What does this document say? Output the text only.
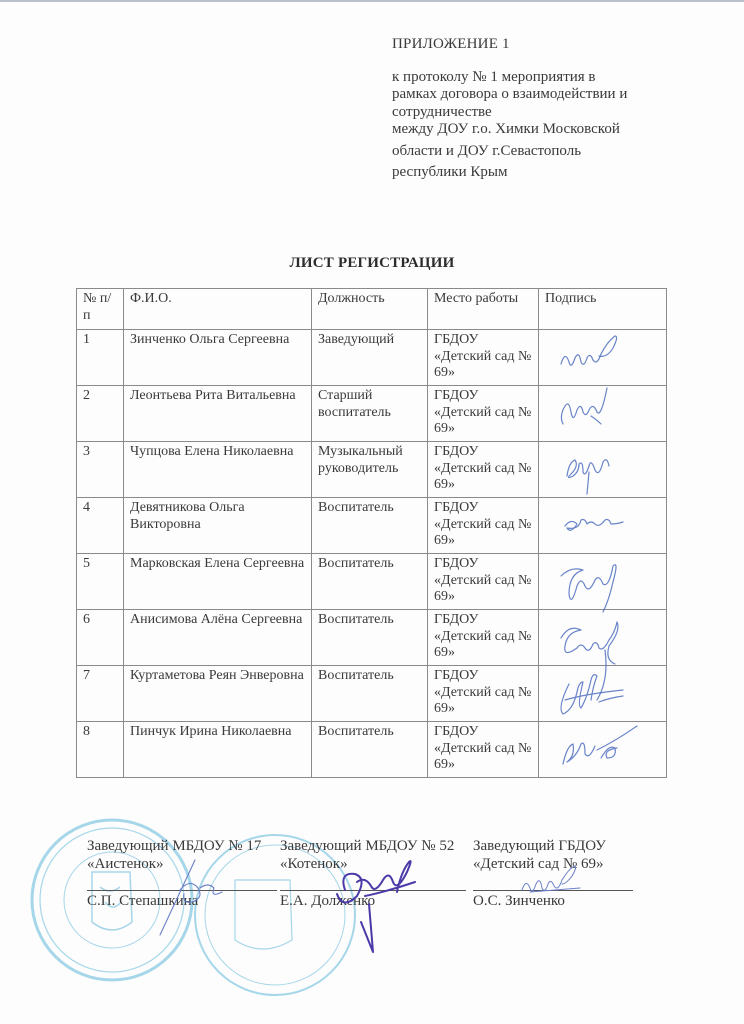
ПРИЛОЖЕНИЕ 1
к протоколу № 1 мероприятия в
рамках договора о взаимодействии и
сотрудничестве
между ДОУ г.о. Химки Московской
области и ДОУ г.Севастополь
республики Крым
ЛИСТ РЕГИСТРАЦИИ
№ п/п	Ф.И.О.	Должность	Место работы	Подпись
1	Зинченко Ольга Сергеевна	Заведующий	ГБДОУ «Детский сад № 69»	

2	Леонтьева Рита Витальевна	Старший воспитатель	ГБДОУ «Детский сад № 69»	

3	Чупцова Елена Николаевна	Музыкальный руководитель	ГБДОУ «Детский сад № 69»	

4	Девятникова Ольга Викторовна	Воспитатель	ГБДОУ «Детский сад № 69»	

5	Марковская Елена Сергеевна	Воспитатель	ГБДОУ «Детский сад № 69»	

6	Анисимова Алёна Сергеевна	Воспитатель	ГБДОУ «Детский сад № 69»	

7	Куртаметова Реян Энверовна	Воспитатель	ГБДОУ «Детский сад № 69»	

8	Пинчук Ирина Николаевна	Воспитатель	ГБДОУ «Детский сад № 69»	
Заведующий МБДОУ № 17 «Аистенок»
С.П. Степашкина
Заведующий МБДОУ № 52 «Котенок»
Е.А. Долженко
Заведующий ГБДОУ «Детский сад № 69»
О.С. Зинченко
